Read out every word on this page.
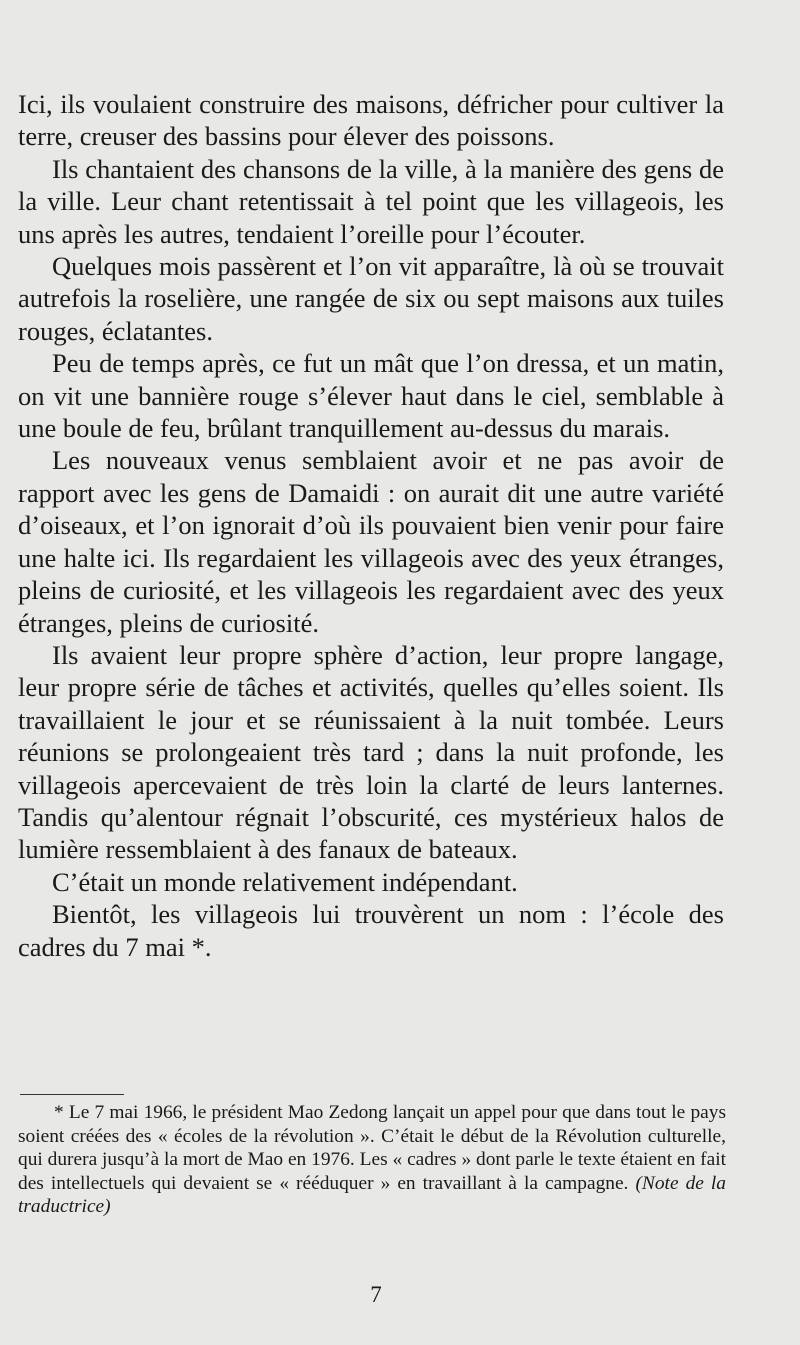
Ici, ils voulaient construire des maisons, défricher pour cultiver la terre, creuser des bassins pour élever des poissons.

Ils chantaient des chansons de la ville, à la manière des gens de la ville. Leur chant retentissait à tel point que les villageois, les uns après les autres, tendaient l’oreille pour l’écouter.

Quelques mois passèrent et l’on vit apparaître, là où se trouvait autrefois la roselière, une rangée de six ou sept maisons aux tuiles rouges, éclatantes.

Peu de temps après, ce fut un mât que l’on dressa, et un matin, on vit une bannière rouge s’élever haut dans le ciel, semblable à une boule de feu, brûlant tranquillement au-dessus du marais.

Les nouveaux venus semblaient avoir et ne pas avoir de rapport avec les gens de Damaidi : on aurait dit une autre variété d’oiseaux, et l’on ignorait d’où ils pouvaient bien venir pour faire une halte ici. Ils regardaient les villageois avec des yeux étranges, pleins de curiosité, et les villageois les regardaient avec des yeux étranges, pleins de curiosité.

Ils avaient leur propre sphère d’action, leur propre langage, leur propre série de tâches et activités, quelles qu’elles soient. Ils travaillaient le jour et se réunissaient à la nuit tombée. Leurs réunions se prolongeaient très tard ; dans la nuit profonde, les villageois apercevaient de très loin la clarté de leurs lanternes. Tandis qu’alentour régnait l’obscurité, ces mystérieux halos de lumière ressemblaient à des fanaux de bateaux.

C’était un monde relativement indépendant.

Bientôt, les villageois lui trouvèrent un nom : l’école des cadres du 7 mai *.

* Le 7 mai 1966, le président Mao Zedong lançait un appel pour que dans tout le pays soient créées des « écoles de la révolution ». C’était le début de la Révolution culturelle, qui durera jusqu’à la mort de Mao en 1976. Les « cadres » dont parle le texte étaient en fait des intellectuels qui devaient se « rééduquer » en travaillant à la campagne. (Note de la traductrice)

7
